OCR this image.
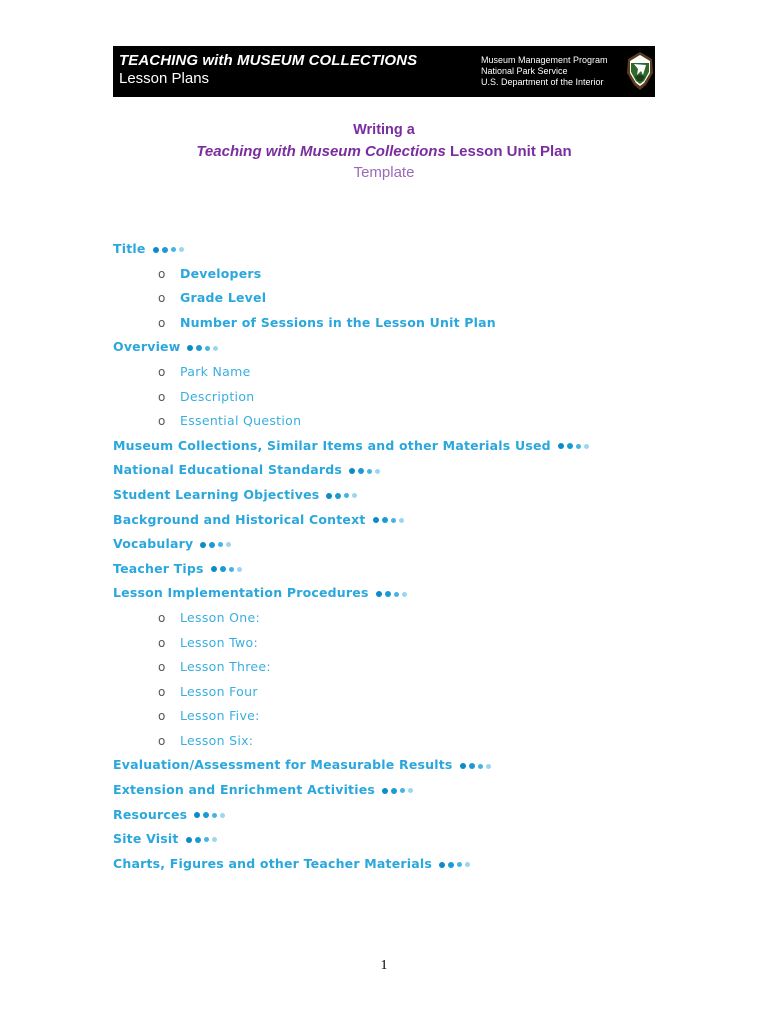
TEACHING with MUSEUM COLLECTIONS
Lesson Plans
Museum Management Program
National Park Service
U.S. Department of the Interior
Writing a
Teaching with Museum Collections Lesson Unit Plan
Template
Title
o Developers
o Grade Level
o Number of Sessions in the Lesson Unit Plan
Overview
o Park Name
o Description
o Essential Question
Museum Collections, Similar Items and other Materials Used
National Educational Standards
Student Learning Objectives
Background and Historical Context
Vocabulary
Teacher Tips
Lesson Implementation Procedures
o Lesson One:
o Lesson Two:
o Lesson Three:
o Lesson Four
o Lesson Five:
o Lesson Six:
Evaluation/Assessment for Measurable Results
Extension and Enrichment Activities
Resources
Site Visit
Charts, Figures and other Teacher Materials
1
